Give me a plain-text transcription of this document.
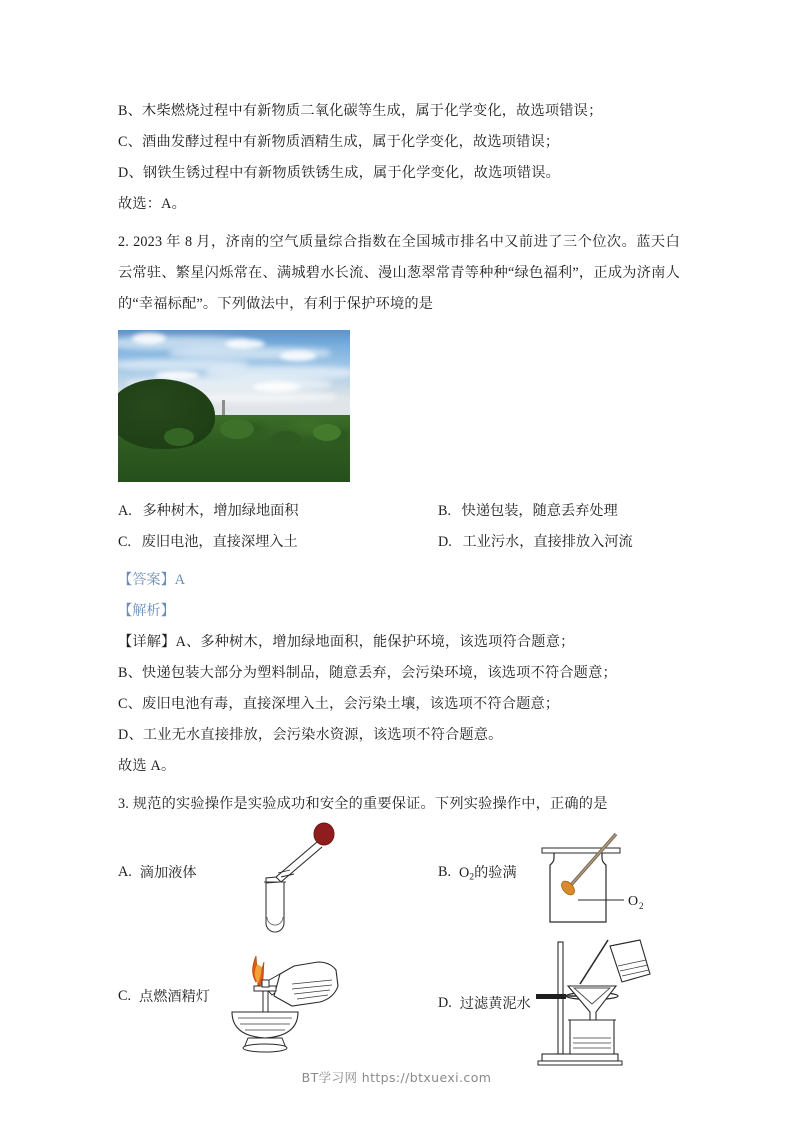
B、木柴燃烧过程中有新物质二氧化碳等生成，属于化学变化，故选项错误；

C、酒曲发酵过程中有新物质酒精生成，属于化学变化，故选项错误；

D、钢铁生锈过程中有新物质铁锈生成，属于化学变化，故选项错误。

故选：A。

2. 2023 年 8 月，济南的空气质量综合指数在全国城市排名中又前进了三个位次。蓝天白云常驻、繁星闪烁常在、满城碧水长流、漫山葱翠常青等种种“绿色福利”，正成为济南人的“幸福标配”。下列做法中，有利于保护环境的是

A. 多种树木，增加绿地面积	B. 快递包装，随意丢弃处理
C. 废旧电池，直接深埋入土	D. 工业污水，直接排放入河流

【答案】A

【解析】

【详解】A、多种树木，增加绿地面积，能保护环境，该选项符合题意；

B、快递包装大部分为塑料制品，随意丢弃，会污染环境，该选项不符合题意；

C、废旧电池有毒，直接深埋入土，会污染土壤，该选项不符合题意；

D、工业无水直接排放，会污染水资源，该选项不符合题意。

故选 A。

3. 规范的实验操作是实验成功和安全的重要保证。下列实验操作中，正确的是

A. 滴加液体	B. $O_2$的验满
O 2
C. 点燃酒精灯	D. 过滤黄泥水
BT学习网 https://btxuexi.com
